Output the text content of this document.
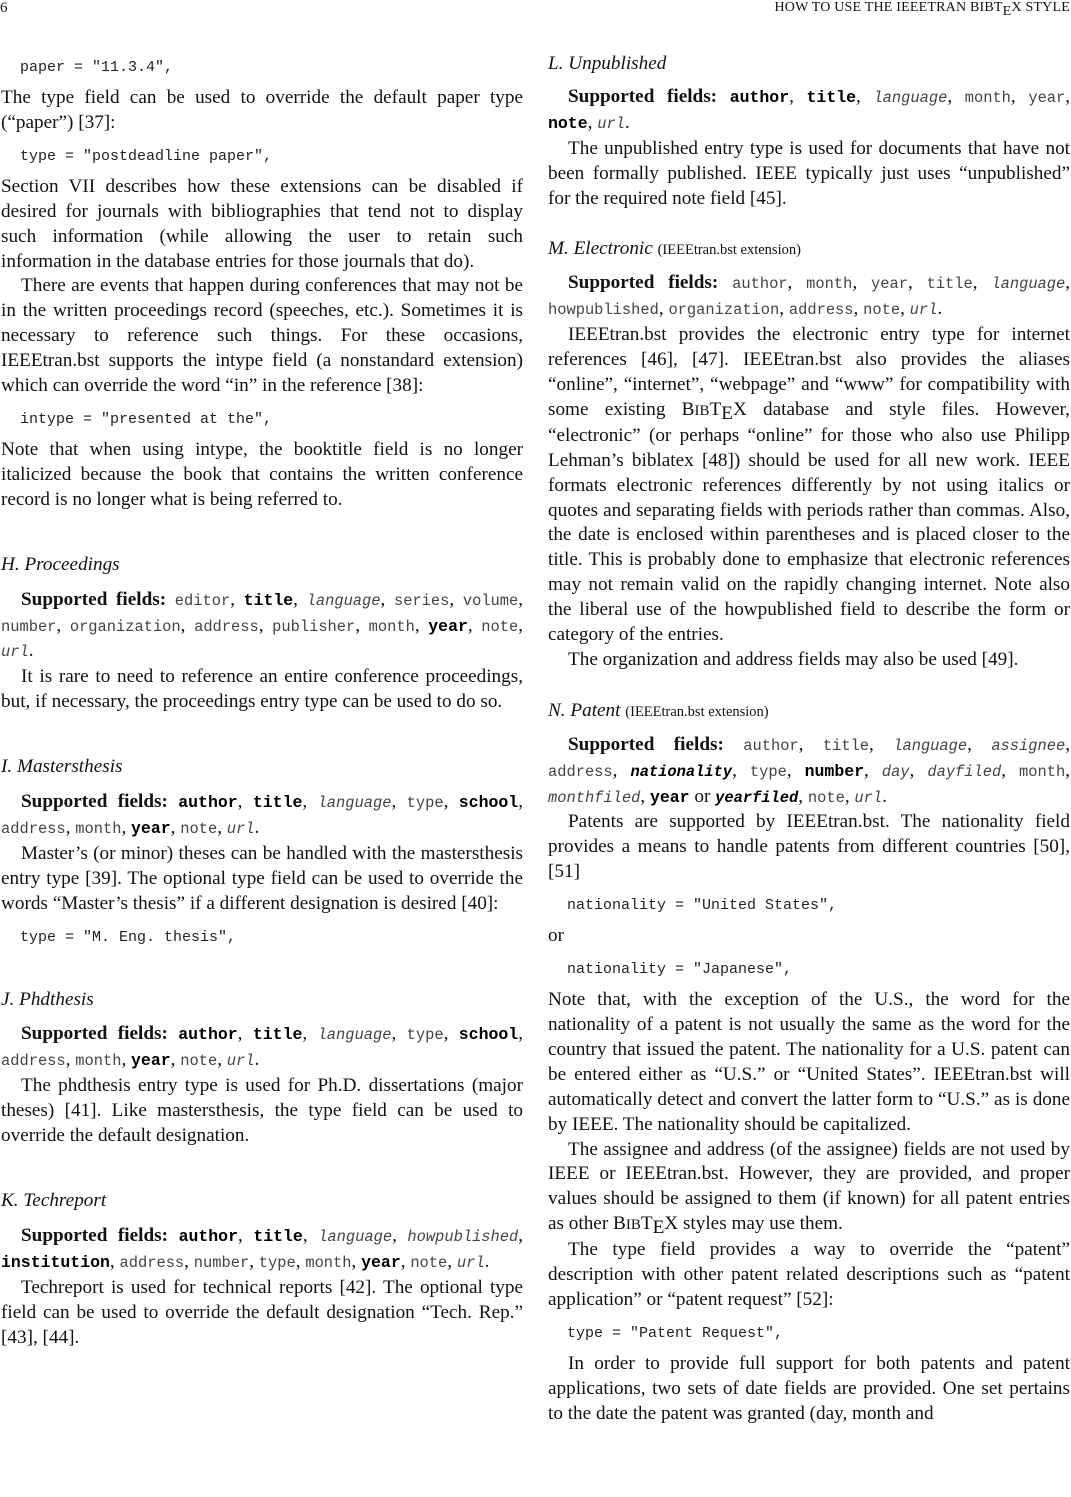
6	HOW TO USE THE IEEETRAN BIBTEX STYLE
paper = "11.3.4",

The type field can be used to override the default paper type (“paper”) [37]:

type = "postdeadline paper",

Section VII describes how these extensions can be disabled if desired for journals with bibliographies that tend not to display such information (while allowing the user to retain such information in the database entries for those journals that do).

There are events that happen during conferences that may not be in the written proceedings record (speeches, etc.). Sometimes it is necessary to reference such things. For these occasions, IEEEtran.bst supports the intype field (a nonstandard extension) which can override the word “in” in the reference [38]:

intype = "presented at the",

Note that when using intype, the booktitle field is no longer italicized because the book that contains the written conference record is no longer what is being referred to.

H. Proceedings

Supported fields: editor, title, language, series, volume, number, organization, address, publisher, month, year, note, url.

It is rare to need to reference an entire conference proceedings, but, if necessary, the proceedings entry type can be used to do so.

I. Mastersthesis

Supported fields: author, title, language, type, school, address, month, year, note, url.

Master’s (or minor) theses can be handled with the mastersthesis entry type [39]. The optional type field can be used to override the words “Master’s thesis” if a different designation is desired [40]:

type = "M. Eng. thesis",
J. Phdthesis

Supported fields: author, title, language, type, school, address, month, year, note, url.

The phdthesis entry type is used for Ph.D. dissertations (major theses) [41]. Like mastersthesis, the type field can be used to override the default designation.

K. Techreport

Supported fields: author, title, language, howpublished, institution, address, number, type, month, year, note, url.

Techreport is used for technical reports [42]. The optional type field can be used to override the default designation “Tech. Rep.” [43], [44].

L. Unpublished

Supported fields: author, title, language, month, year, note, url.

The unpublished entry type is used for documents that have not been formally published. IEEE typically just uses “unpublished” for the required note field [45].

M. Electronic (IEEEtran.bst extension)

Supported fields: author, month, year, title, language, howpublished, organization, address, note, url.

IEEEtran.bst provides the electronic entry type for internet references [46], [47]. IEEEtran.bst also provides the aliases “online”, “internet”, “webpage” and “www” for compatibility with some existing BIBTEX database and style files. However, “electronic” (or perhaps “online” for those who also use Philipp Lehman’s biblatex [48]) should be used for all new work. IEEE formats electronic references differently by not using italics or quotes and separating fields with periods rather than commas. Also, the date is enclosed within parentheses and is placed closer to the title. This is probably done to emphasize that electronic references may not remain valid on the rapidly changing internet. Note also the liberal use of the howpublished field to describe the form or category of the entries.

The organization and address fields may also be used [49].

N. Patent (IEEEtran.bst extension)

Supported fields: author, title, language, assignee, address, nationality, type, number, day, dayfiled, month, monthfiled, year or yearfiled, note, url.

Patents are supported by IEEEtran.bst. The nationality field provides a means to handle patents from different countries [50], [51]

nationality = "United States",

or

nationality = "Japanese",

Note that, with the exception of the U.S., the word for the nationality of a patent is not usually the same as the word for the country that issued the patent. The nationality for a U.S. patent can be entered either as “U.S.” or “United States”. IEEEtran.bst will automatically detect and convert the latter form to “U.S.” as is done by IEEE. The nationality should be capitalized.

The assignee and address (of the assignee) fields are not used by IEEE or IEEEtran.bst. However, they are provided, and proper values should be assigned to them (if known) for all patent entries as other BIBTEX styles may use them.

The type field provides a way to override the “patent” description with other patent related descriptions such as “patent application” or “patent request” [52]:

type = "Patent Request",

In order to provide full support for both patents and patent applications, two sets of date fields are provided. One set pertains to the date the patent was granted (day, month and
